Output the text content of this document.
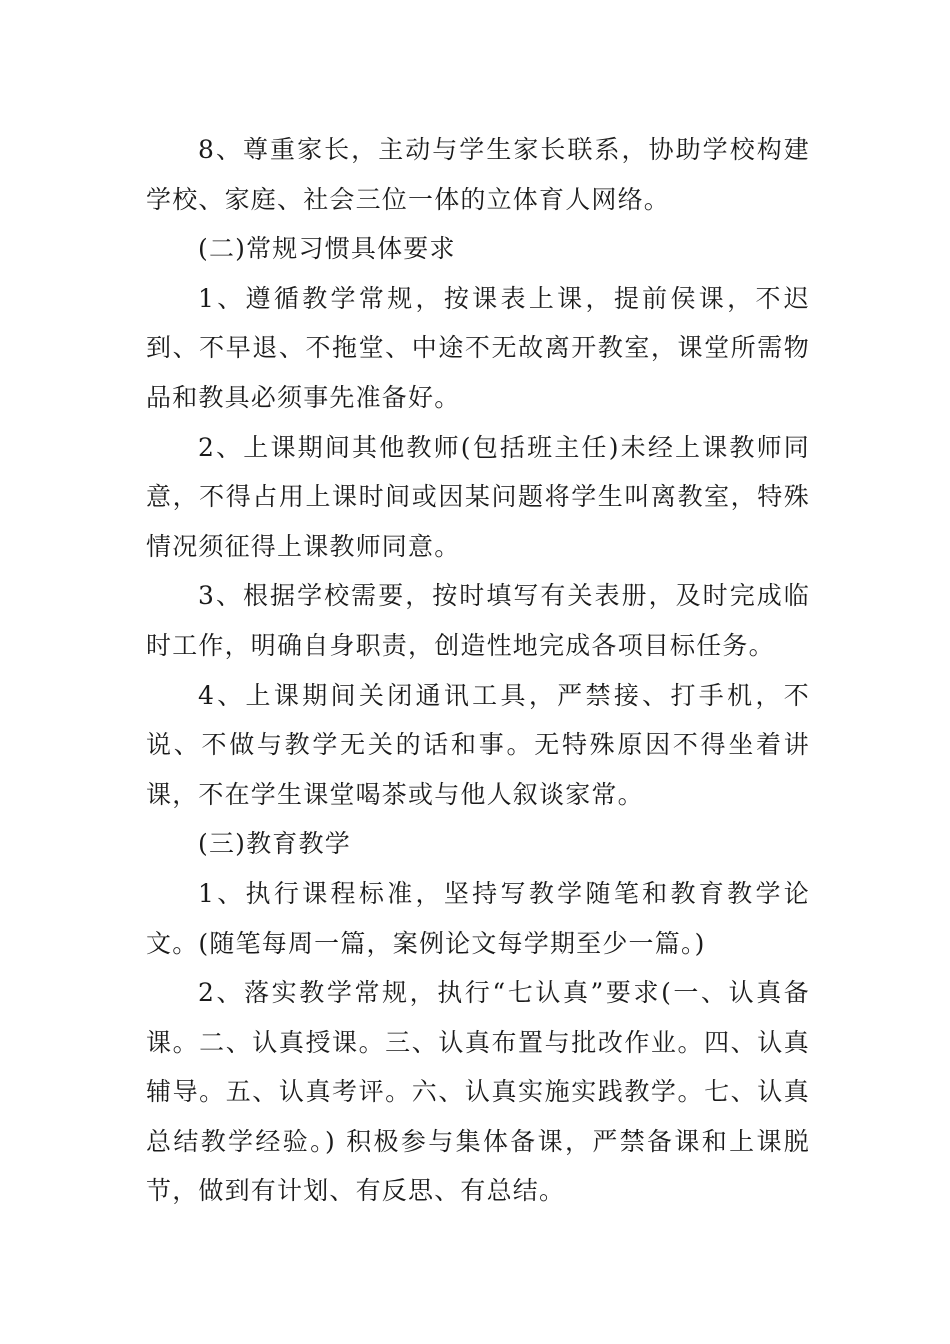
8、尊重家长，主动与学生家长联系，协助学校构建学校、家庭、社会三位一体的立体育人网络。

(二)常规习惯具体要求

1、遵循教学常规，按课表上课，提前侯课，不迟到、不早退、不拖堂、中途不无故离开教室，课堂所需物品和教具必须事先准备好。

2、上课期间其他教师(包括班主任)未经上课教师同意，不得占用上课时间或因某问题将学生叫离教室，特殊情况须征得上课教师同意。

3、根据学校需要，按时填写有关表册，及时完成临时工作，明确自身职责，创造性地完成各项目标任务。

4、上课期间关闭通讯工具，严禁接、打手机，不说、不做与教学无关的话和事。无特殊原因不得坐着讲课，不在学生课堂喝茶或与他人叙谈家常。

(三)教育教学

1、执行课程标准，坚持写教学随笔和教育教学论文。(随笔每周一篇，案例论文每学期至少一篇。)

2、落实教学常规，执行“七认真”要求(一、认真备课。二、认真授课。三、认真布置与批改作业。四、认真辅导。五、认真考评。六、认真实施实践教学。七、认真总结教学经验。) 积极参与集体备课，严禁备课和上课脱节，做到有计划、有反思、有总结。
